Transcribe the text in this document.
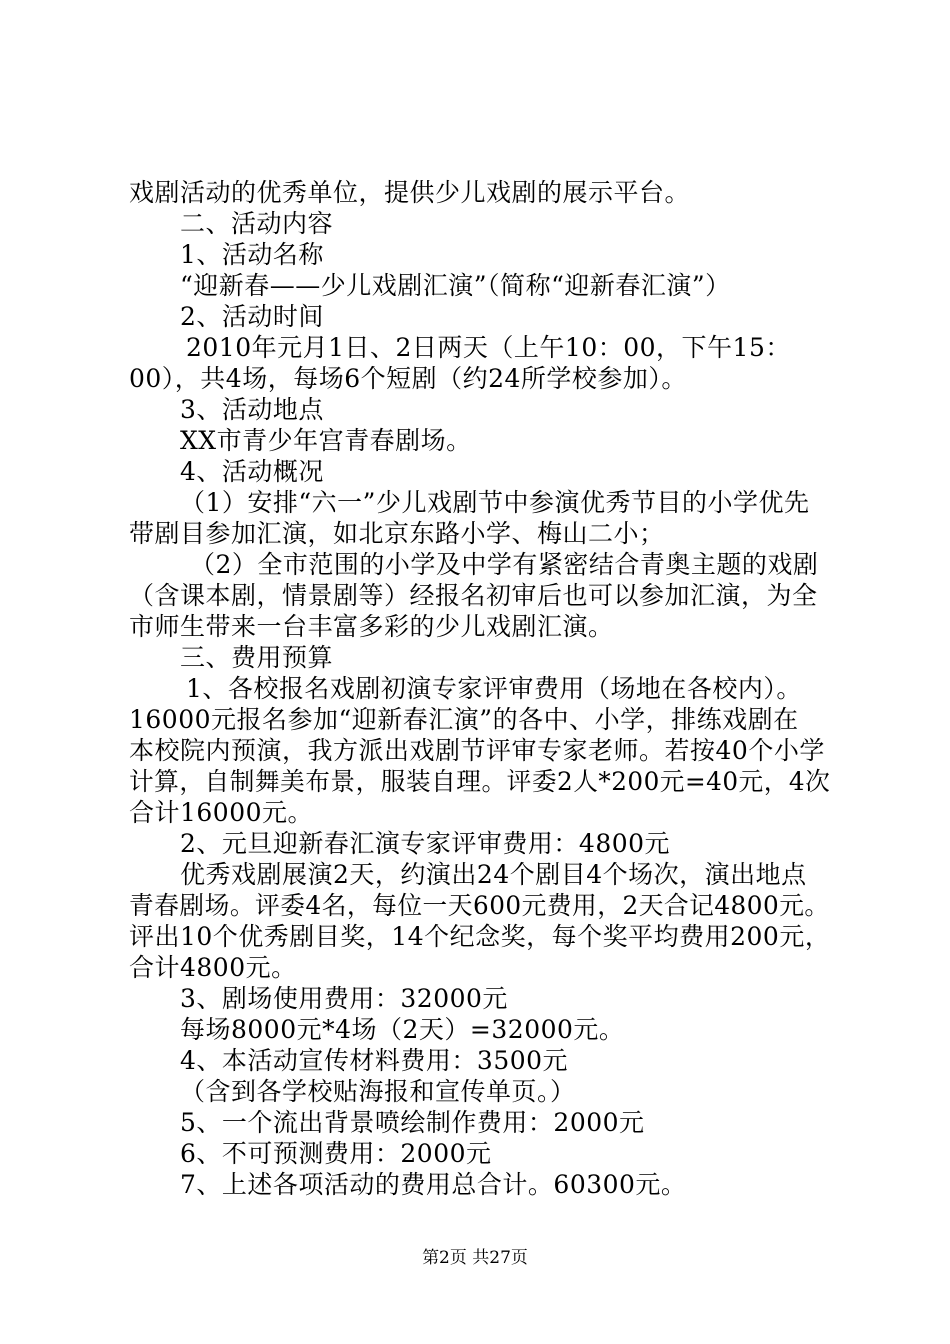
戏剧活动的优秀单位，提供少儿戏剧的展示平台。
二、活动内容
1、活动名称
“迎新春——少儿戏剧汇演”（简称“迎新春汇演”）
2、活动时间
2010年元月1日、2日两天（上午10：00，下午15：
00），共4场，每场6个短剧（约24所学校参加）。
3、活动地点
XX市青少年宫青春剧场。
4、活动概况
（1）安排“六一”少儿戏剧节中参演优秀节目的小学优先
带剧目参加汇演，如北京东路小学、梅山二小；
（2）全市范围的小学及中学有紧密结合青奥主题的戏剧
（含课本剧，情景剧等）经报名初审后也可以参加汇演，为全
市师生带来一台丰富多彩的少儿戏剧汇演。
三、费用预算
1、各校报名戏剧初演专家评审费用（场地在各校内）。
16000元报名参加“迎新春汇演”的各中、小学，排练戏剧在
本校院内预演，我方派出戏剧节评审专家老师。若按40个小学
计算，自制舞美布景，服装自理。评委2人*200元=40元，4次
合计16000元。
2、元旦迎新春汇演专家评审费用：4800元
优秀戏剧展演2天，约演出24个剧目4个场次，演出地点
青春剧场。评委4名，每位一天600元费用，2天合记4800元。
评出10个优秀剧目奖，14个纪念奖，每个奖平均费用200元，
合计4800元。
3、剧场使用费用：32000元
每场8000元*4场（2天）=32000元。
4、本活动宣传材料费用：3500元
（含到各学校贴海报和宣传单页。）
5、一个流出背景喷绘制作费用：2000元
6、不可预测费用：2000元
7、上述各项活动的费用总合计。60300元。
第2页 共27页
